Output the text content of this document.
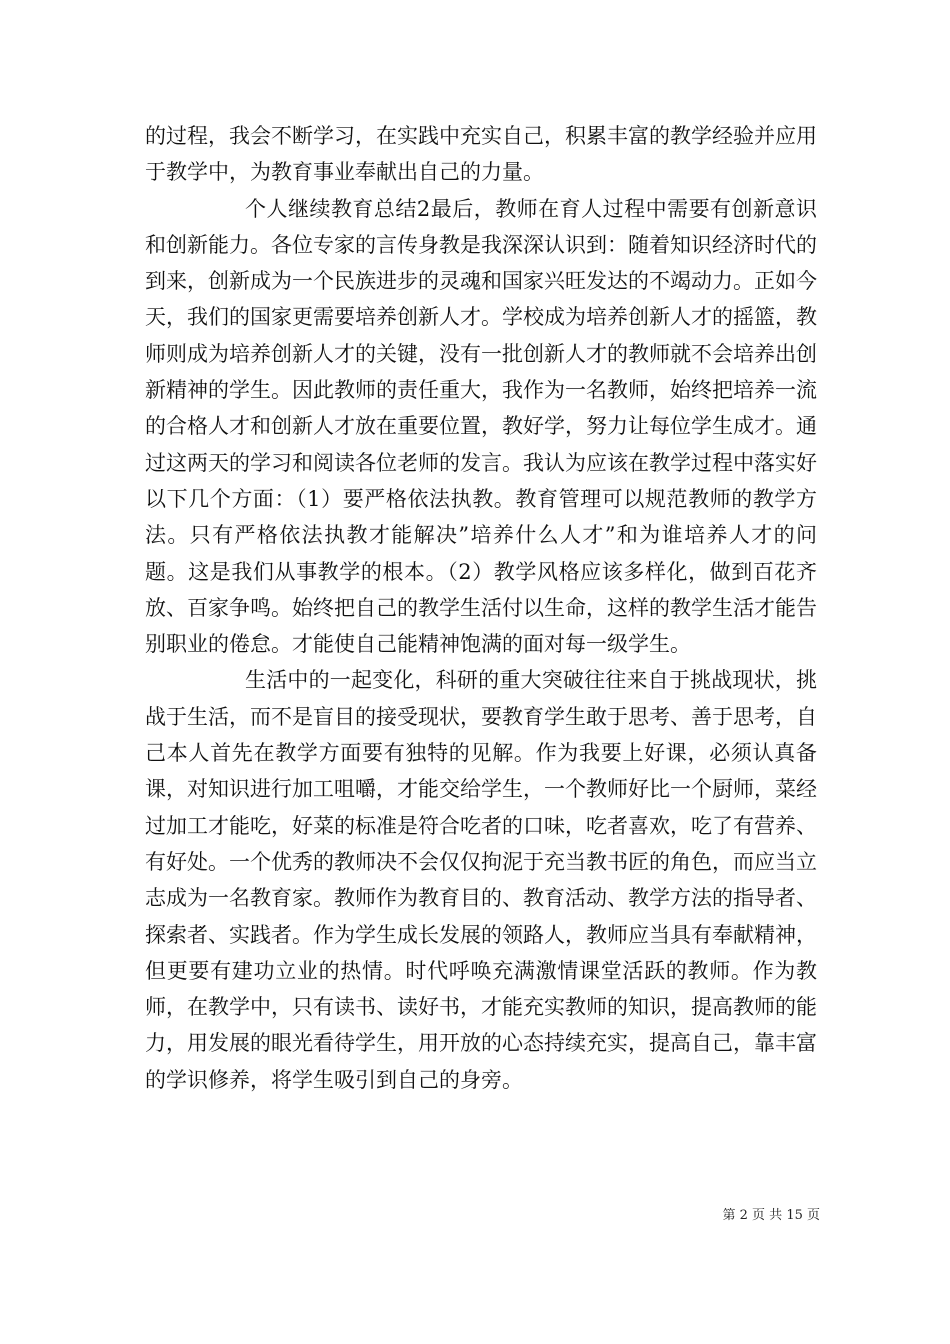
的过程，我会不断学习，在实践中充实自己，积累丰富的教学经验并应用于教学中，为教育事业奉献出自己的力量。

个人继续教育总结2最后，教师在育人过程中需要有创新意识和创新能力。各位专家的言传身教是我深深认识到：随着知识经济时代的到来，创新成为一个民族进步的灵魂和国家兴旺发达的不竭动力。正如今天，我们的国家更需要培养创新人才。学校成为培养创新人才的摇篮，教师则成为培养创新人才的关键，没有一批创新人才的教师就不会培养出创新精神的学生。因此教师的责任重大，我作为一名教师，始终把培养一流的合格人才和创新人才放在重要位置，教好学，努力让每位学生成才。通过这两天的学习和阅读各位老师的发言。我认为应该在教学过程中落实好以下几个方面：（1）要严格依法执教。教育管理可以规范教师的教学方法。只有严格依法执教才能解决”培养什么人才”和为谁培养人才的问题。这是我们从事教学的根本。（2）教学风格应该多样化，做到百花齐放、百家争鸣。始终把自己的教学生活付以生命，这样的教学生活才能告别职业的倦怠。才能使自己能精神饱满的面对每一级学生。

生活中的一起变化，科研的重大突破往往来自于挑战现状，挑战于生活，而不是盲目的接受现状，要教育学生敢于思考、善于思考，自己本人首先在教学方面要有独特的见解。作为我要上好课，必须认真备课，对知识进行加工咀嚼，才能交给学生，一个教师好比一个厨师，菜经过加工才能吃，好菜的标准是符合吃者的口味，吃者喜欢，吃了有营养、有好处。一个优秀的教师决不会仅仅拘泥于充当教书匠的角色，而应当立志成为一名教育家。教师作为教育目的、教育活动、教学方法的指导者、探索者、实践者。作为学生成长发展的领路人，教师应当具有奉献精神，但更要有建功立业的热情。时代呼唤充满激情课堂活跃的教师。作为教师，在教学中，只有读书、读好书，才能充实教师的知识，提高教师的能力，用发展的眼光看待学生，用开放的心态持续充实，提高自己，靠丰富的学识修养，将学生吸引到自己的身旁。

第 2 页 共 15 页
